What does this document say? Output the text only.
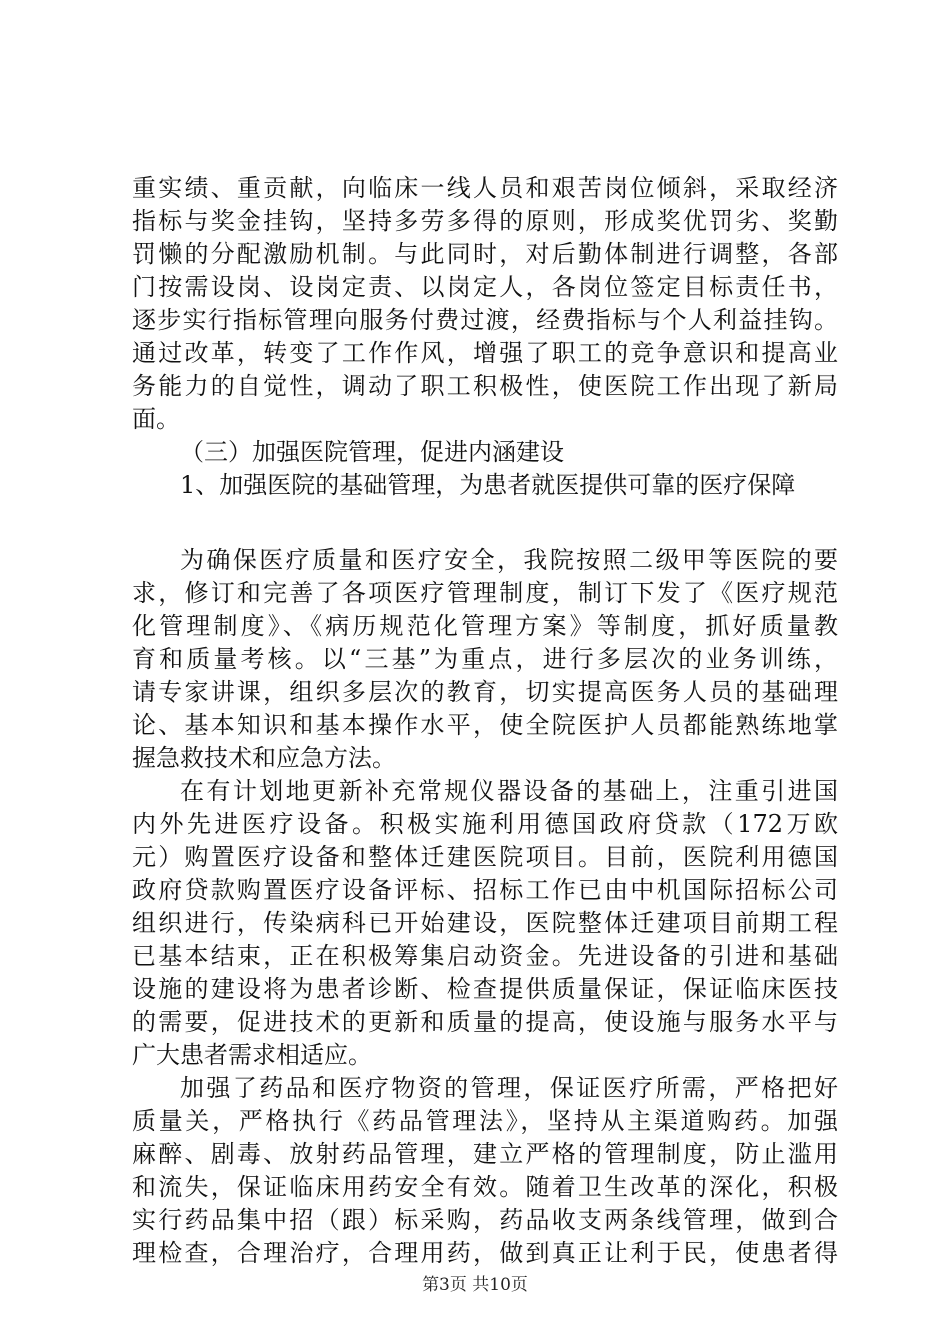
重实绩、重贡献，向临床一线人员和艰苦岗位倾斜，采取经济
指标与奖金挂钩，坚持多劳多得的原则，形成奖优罚劣、奖勤
罚懒的分配激励机制。与此同时，对后勤体制进行调整，各部
门按需设岗、设岗定责、以岗定人，各岗位签定目标责任书，
逐步实行指标管理向服务付费过渡，经费指标与个人利益挂钩。
通过改革，转变了工作作风，增强了职工的竞争意识和提高业
务能力的自觉性，调动了职工积极性，使医院工作出现了新局
面。
（三）加强医院管理，促进内涵建设
1、加强医院的基础管理，为患者就医提供可靠的医疗保障
为确保医疗质量和医疗安全，我院按照二级甲等医院的要
求，修订和完善了各项医疗管理制度，制订下发了《医疗规范
化管理制度》、《病历规范化管理方案》等制度，抓好质量教
育和质量考核。以“三基”为重点，进行多层次的业务训练，
请专家讲课，组织多层次的教育，切实提高医务人员的基础理
论、基本知识和基本操作水平，使全院医护人员都能熟练地掌
握急救技术和应急方法。
在有计划地更新补充常规仪器设备的基础上，注重引进国
内外先进医疗设备。积极实施利用德国政府贷款（172万欧
元）购置医疗设备和整体迁建医院项目。目前，医院利用德国
政府贷款购置医疗设备评标、招标工作已由中机国际招标公司
组织进行，传染病科已开始建设，医院整体迁建项目前期工程
已基本结束，正在积极筹集启动资金。先进设备的引进和基础
设施的建设将为患者诊断、检查提供质量保证，保证临床医技
的需要，促进技术的更新和质量的提高，使设施与服务水平与
广大患者需求相适应。
加强了药品和医疗物资的管理，保证医疗所需，严格把好
质量关，严格执行《药品管理法》，坚持从主渠道购药。加强
麻醉、剧毒、放射药品管理，建立严格的管理制度，防止滥用
和流失，保证临床用药安全有效。随着卫生改革的深化，积极
实行药品集中招（跟）标采购，药品收支两条线管理，做到合
理检查，合理治疗，合理用药，做到真正让利于民，使患者得
第3页 共10页
